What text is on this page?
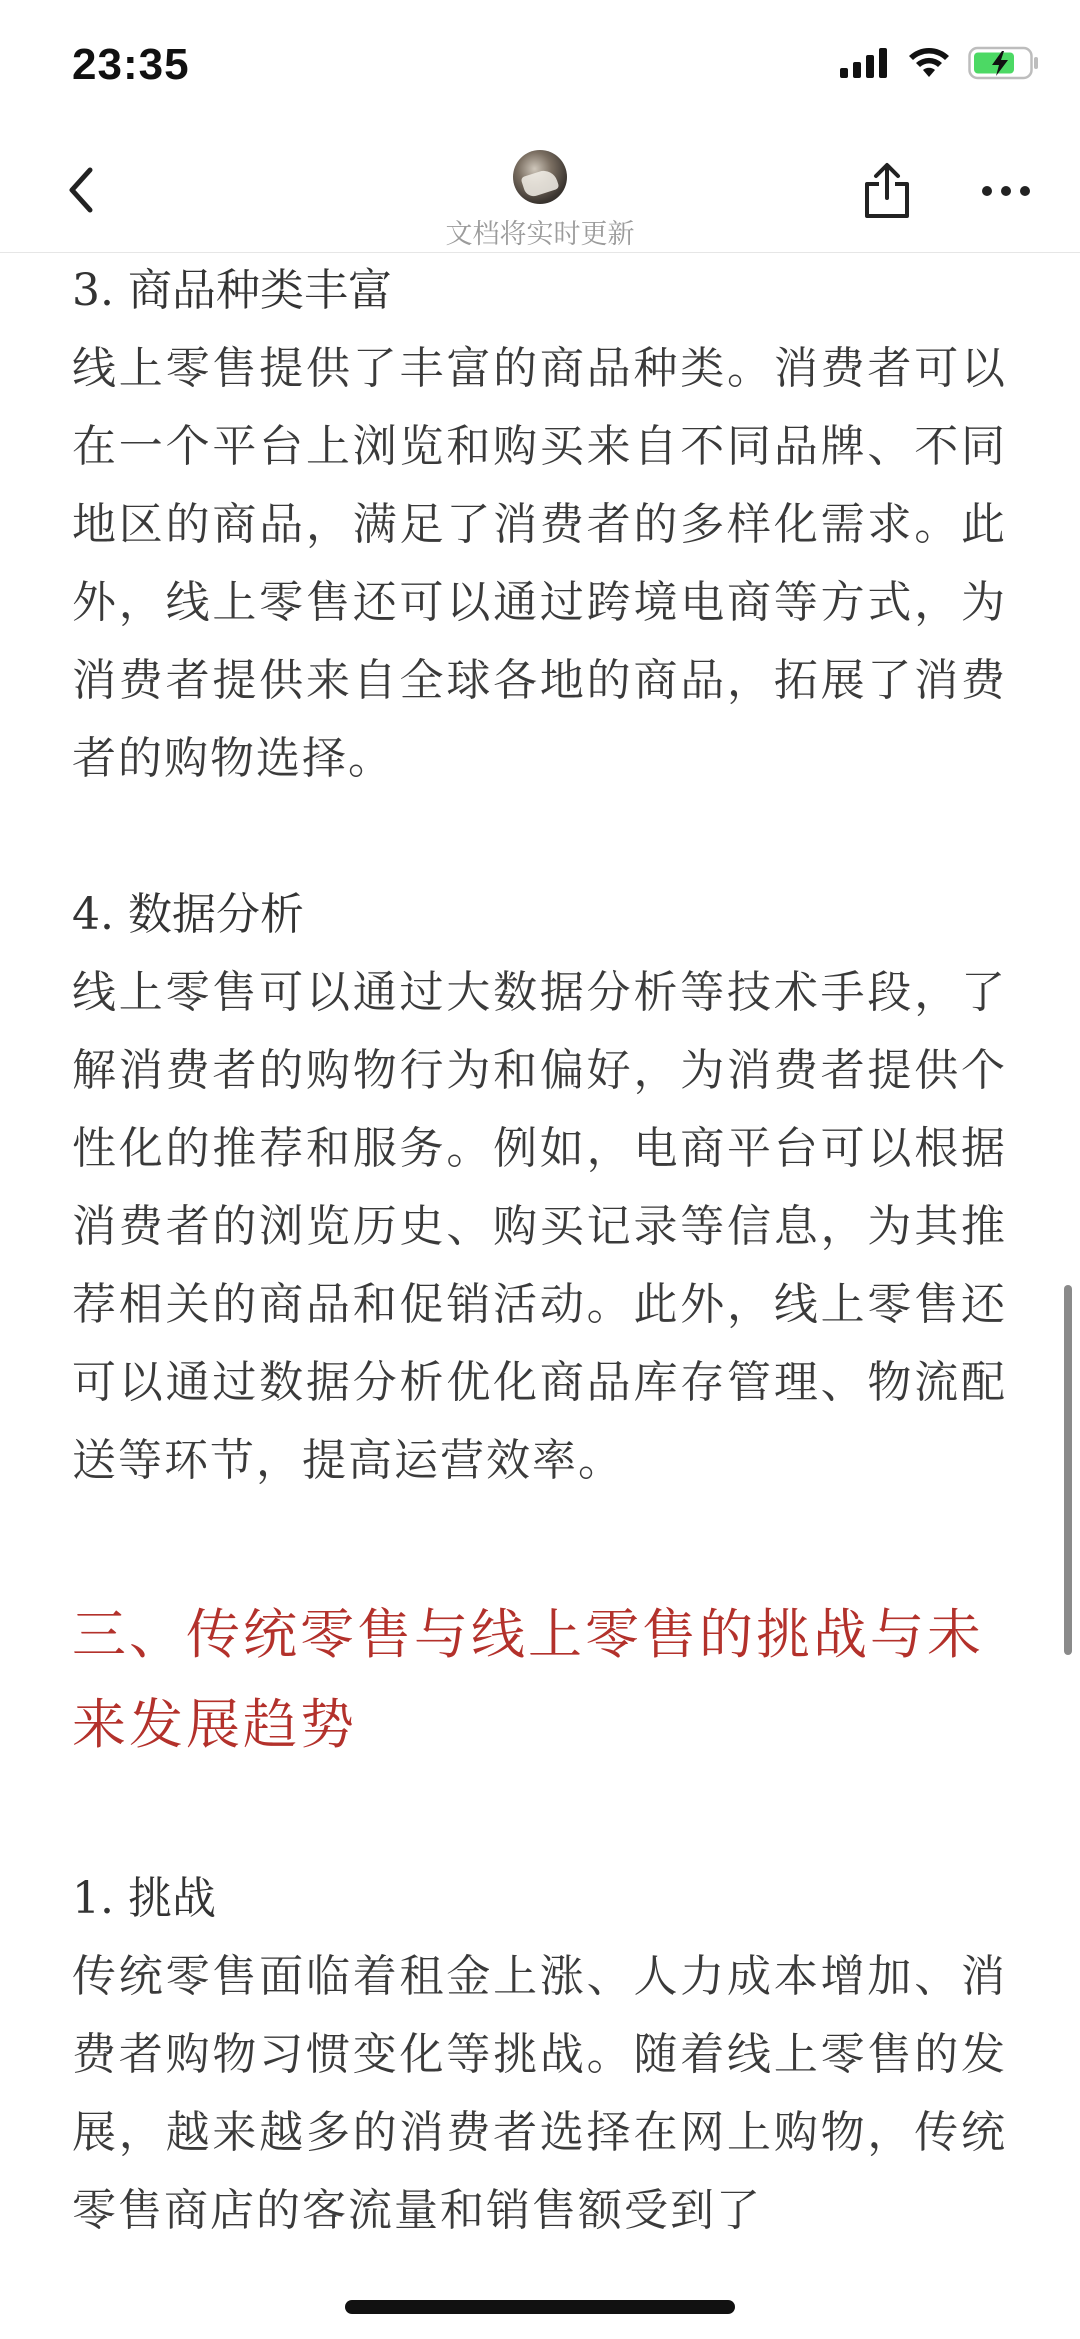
23:35
文档将实时更新

3. 商品种类丰富

线上零售提供了丰富的商品种类。消费者可以在一个平台上浏览和购买来自不同品牌、不同地区的商品，满足了消费者的多样化需求。此外，线上零售还可以通过跨境电商等方式，为消费者提供来自全球各地的商品，拓展了消费者的购物选择。

4. 数据分析

线上零售可以通过大数据分析等技术手段，了解消费者的购物行为和偏好，为消费者提供个性化的推荐和服务。例如，电商平台可以根据消费者的浏览历史、购买记录等信息，为其推荐相关的商品和促销活动。此外，线上零售还可以通过数据分析优化商品库存管理、物流配送等环节，提高运营效率。

三、传统零售与线上零售的挑战与未来发展趋势

1. 挑战

传统零售面临着租金上涨、人力成本增加、消费者购物习惯变化等挑战。随着线上零售的发展，越来越多的消费者选择在网上购物，传统零售商店的客流量和销售额受到了
